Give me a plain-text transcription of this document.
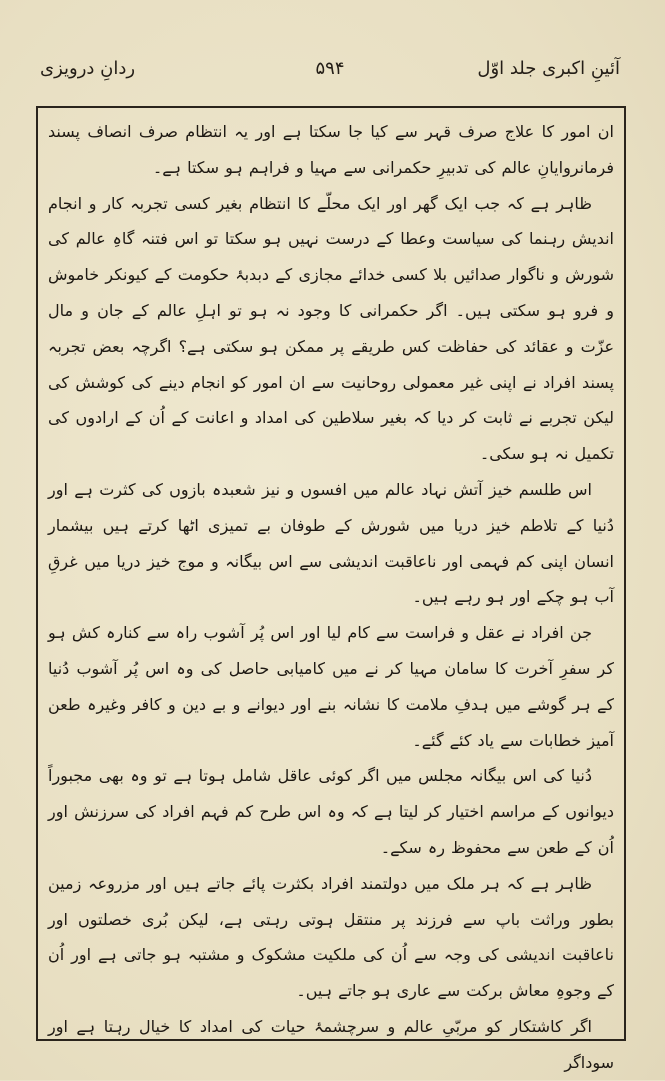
آئینِ اکبری جلد اوّل
۵۹۴
ردانِ درویزی

ان امور کا علاج صرف قہر سے کیا جا سکتا ہے اور یہ انتظام صرف انصاف پسند فرمانروایانِ عالم کی تدبیرِ حکمرانی سے مہیا و فراہم ہو سکتا ہے۔

ظاہر ہے کہ جب ایک گھر اور ایک محلّے کا انتظام بغیر کسی تجربہ کار و انجام اندیش رہنما کی سیاست وعطا کے درست نہیں ہو سکتا تو اس فتنہ گاہِ عالم کی شورش و ناگوار صدائیں بلا کسی خدائے مجازی کے دبدبۂ حکومت کے کیونکر خاموش و فرو ہو سکتی ہیں۔ اگر حکمرانی کا وجود نہ ہو تو اہلِ عالم کے جان و مال عزّت و عقائد کی حفاظت کس طریقے پر ممکن ہو سکتی ہے؟ اگرچہ بعض تجربہ پسند افراد نے اپنی غیر معمولی روحانیت سے ان امور کو انجام دینے کی کوشش کی لیکن تجربے نے ثابت کر دیا کہ بغیر سلاطین کی امداد و اعانت کے اُن کے ارادوں کی تکمیل نہ ہو سکی۔

اس طلسم خیز آتش نہاد عالم میں افسوں و نیز شعبدہ بازوں کی کثرت ہے اور دُنیا کے تلاطم خیز دریا میں شورش کے طوفان بے تمیزی اٹھا کرتے ہیں بیشمار انسان اپنی کم فہمی اور ناعاقبت اندیشی سے اس بیگانہ و موج خیز دریا میں غرقِ آب ہو چکے اور ہو رہے ہیں۔

جن افراد نے عقل و فراست سے کام لیا اور اس پُر آشوب راہ سے کنارہ کش ہو کر سفرِ آخرت کا سامان مہیا کر نے میں کامیابی حاصل کی وہ اس پُر آشوب دُنیا کے ہر گوشے میں ہدفِ ملامت کا نشانہ بنے اور دیوانے و بے دین و کافر وغیرہ طعن آمیز خطابات سے یاد کئے گئے۔

دُنیا کی اس بیگانہ مجلس میں اگر کوئی عاقل شامل ہوتا ہے تو وہ بھی مجبوراً دیوانوں کے مراسم اختیار کر لیتا ہے کہ وہ اس طرح کم فہم افراد کی سرزنش اور اُن کے طعن سے محفوظ رہ سکے۔

ظاہر ہے کہ ہر ملک میں دولتمند افراد بکثرت پائے جاتے ہیں اور مزروعہ زمین بطور وراثت باپ سے فرزند پر منتقل ہوتی رہتی ہے، لیکن بُری خصلتوں اور ناعاقبت اندیشی کی وجہ سے اُن کی ملکیت مشکوک و مشتبہ ہو جاتی ہے اور اُن کے وجوہِ معاش برکت سے عاری ہو جاتے ہیں۔

اگر کاشتکار کو مربّیِ عالم و سرچشمۂ حیات کی امداد کا خیال رہتا ہے اور سوداگر
